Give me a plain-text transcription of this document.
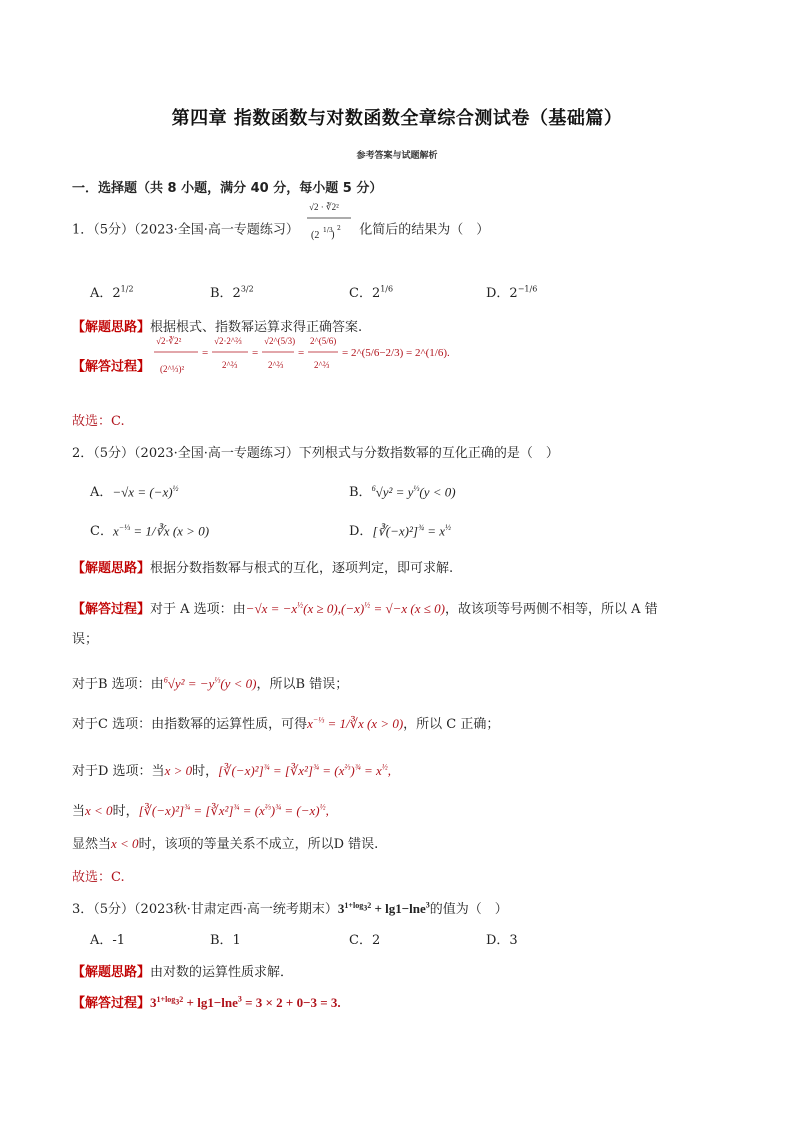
第四章 指数函数与对数函数全章综合测试卷（基础篇）
参考答案与试题解析
一．选择题（共 8 小题，满分 40 分，每小题 5 分）
1．（5分）（2023·全国·高一专题练习）
√2 · ∛2²
(2 1/3
)
2 化简后的结果为（　）
A．$2^{1/2}$	B．$2^{3/2}$	C．$2^{1/6}$	D．$2^{-1/6}$
【解题思路】根据根式、指数幂运算求得正确答案.
【解答过程】
√2·∛2²
(2^⅓)²
=
√2·2^⅔
2^⅔
=
√2^(5/3)
2^⅔
=
2^(5/6)
2^⅔
= 2^(5/6−2/3) = 2^(1/6).
故选：C.
2．（5分）（2023·全国·高一专题练习）下列根式与分数指数幂的互化正确的是（　）
A．$-√x = (-x)^{\frac{1}{2}}$	B．$^6√y^2 = y^{\frac{1}{3}}(y < 0)$
C．$x^{-\frac{1}{3}}$ = 1/∛x (x > 0)	D．[∛(−x)²]$^{\frac{3}{4}}$ = $x^{\frac{1}{2}}$
【解题思路】根据分数指数幂与根式的互化，逐项判定，即可求解.
【解答过程】对于 A 选项：由$-√x = -x^{\frac{1}{2}}(x \ge 0),(-x)^{\frac{1}{2}} = √-x$ (x ≤ 0)，故该项等号两侧不相等，所以 A 错
误；
对于B 选项：由$^6√y^2 = -y^{\frac{1}{3}}(y < 0)$，所以B 错误；
对于C 选项：由指数幂的运算性质，可得$x^{-\frac{1}{3}}$ = 1/∛x (x > 0)，所以 C 正确；
对于D 选项：当x > 0时，[∛(−x)²]$^{\frac{3}{4}}$ = [∛x²]$^{\frac{3}{4}}$ = $(x^{\frac{2}{3}})^{\frac{3}{4}} = x^{\frac{1}{2}}$,
当x < 0时，[∛(−x)²]$^{\frac{3}{4}}$ = [∛x²]$^{\frac{3}{4}}$ = $(x^{\frac{2}{3}})^{\frac{3}{4}} = (-x)^{\frac{1}{2}}$,
显然当x < 0时，该项的等量关系不成立，所以D 错误.
故选：C.
3．（5分）（2023秋·甘肃定西·高一统考期末）$3^{1+log_32} + \lg 1-\ln e^3$的值为（　）
A．-1	B．1	C．2	D．3
【解题思路】由对数的运算性质求解．
【解答过程】$3^{1+log_32} + \lg 1-\ln e^3 = 3 \times 2 + 0-3 = 3$.
